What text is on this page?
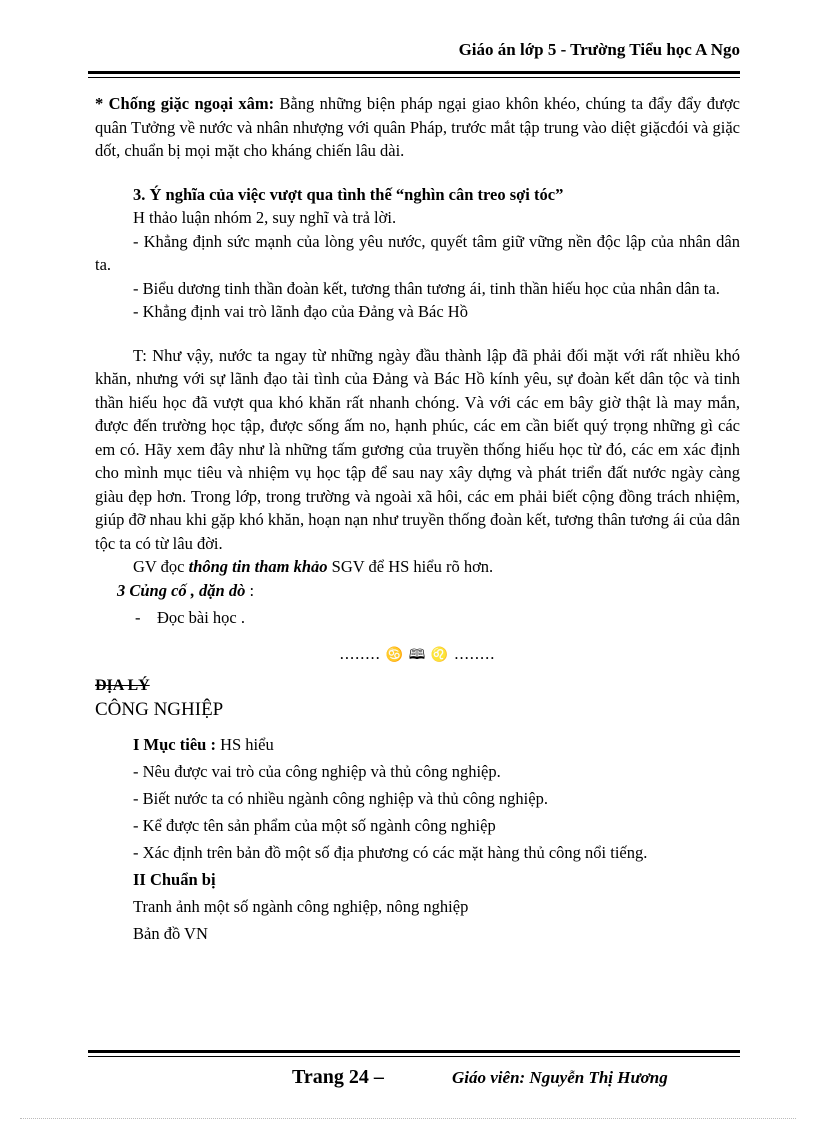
Giáo án lớp 5 - Trường Tiểu học A Ngo

* Chống giặc ngoại xâm: Bằng những biện pháp ngại giao khôn khéo, chúng ta đẩy đẩy được quân Tưởng về nước và nhân nhượng với quân Pháp, trước mắt tập trung vào diệt giặcđói và giặc dốt, chuẩn bị mọi mặt cho kháng chiến lâu dài.

3. Ý nghĩa của việc vượt qua tình thế “nghìn cân treo sợi tóc”

H thảo luận nhóm 2, suy nghĩ và trả lời.

- Khẳng định sức mạnh của lòng yêu nước, quyết tâm giữ vững nền độc lập của nhân dân ta.

- Biểu dương tinh thần đoàn kết, tương thân tương ái, tinh thần hiếu học của nhân dân ta.

- Khẳng định vai trò lãnh đạo của Đảng và Bác Hồ

T: Như vậy, nước ta ngay từ những ngày đầu thành lập đã phải đối mặt với rất nhiều khó khăn, nhưng với sự lãnh đạo tài tình của Đảng và Bác Hồ kính yêu, sự đoàn kết dân tộc và tinh thần hiếu học đã vượt qua khó khăn rất nhanh chóng. Và với các em bây giờ thật là may mắn, được đến trường học tập, được sống ấm no, hạnh phúc, các em cần biết quý trọng những gì các em có. Hãy xem đây như là những tấm gương của truyền thống hiếu học từ đó, các em xác định cho mình mục tiêu và nhiệm vụ học tập để sau nay xây dựng và phát triển đất nước ngày càng giàu đẹp hơn. Trong lớp, trong trường và ngoài xã hôi, các em phải biết cộng đồng trách nhiệm, giúp đỡ nhau khi gặp khó khăn, hoạn nạn như truyền thống đoàn kết, tương thân tương ái của dân tộc ta có từ lâu đời.

GV đọc thông tin tham khảo SGV để HS hiểu rõ hơn.

3 Củng cố , dặn dò :

- Đọc bài học .

........ ♋ 🕮 ♌ ........

ĐỊA LÝ

CÔNG NGHIỆP

I Mục tiêu : HS hiểu

- Nêu được vai trò của công nghiệp và thủ công nghiệp.

- Biết nước ta có nhiều ngành công nghiệp và thủ công nghiệp.

- Kể được tên sản phẩm của một số ngành công nghiệp

- Xác định trên bản đồ một số địa phương có các mặt hàng thủ công nổi tiếng.

II Chuẩn bị

Tranh ảnh một số ngành công nghiệp, nông nghiệp

Bản đồ VN

Trang 24 –	Giáo viên: Nguyễn Thị Hương
